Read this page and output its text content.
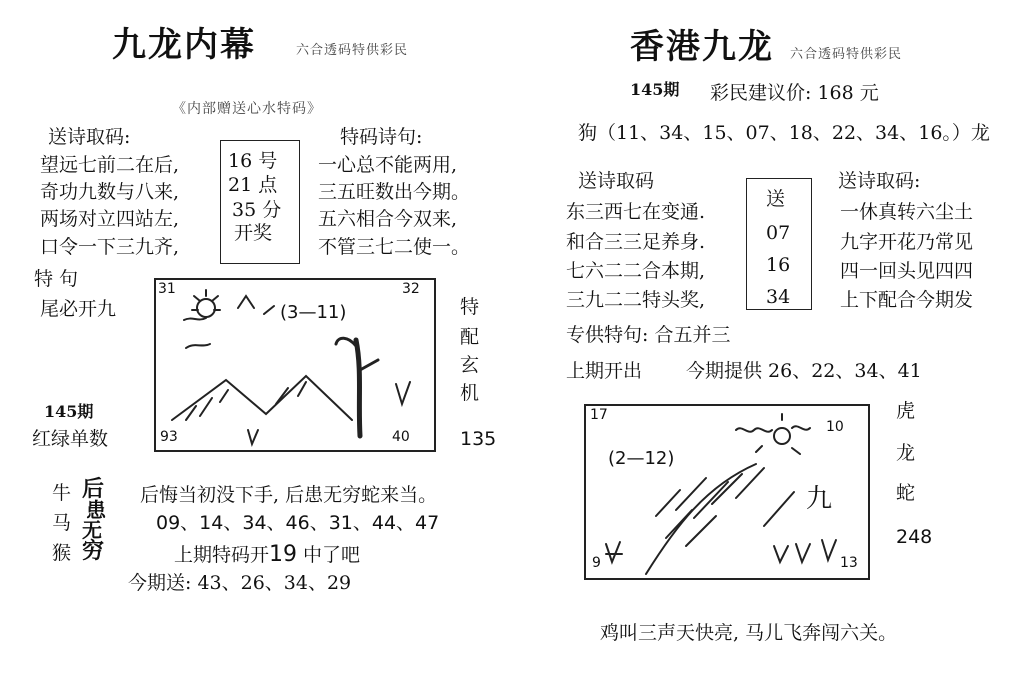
九龙内幕	六合透码特供彩民
《内部赠送心水特码》
送诗取码:
望远七前二在后,
奇功九数与八来,
两场对立四站左,
口令一下三九齐,
16 号
21 点
35 分
开奖
特码诗句:
一心总不能两用,
三五旺数出今期。
五六相合今双来,
不管三七二使一。
特 句
尾必开九
31	32
93	40
(3—11)	特
配
玄
机
145期
红绿单数	135
牛
马
猴
后
患
无
穷
后悔当初没下手, 后患无穷蛇来当。
09、14、34、46、31、44、47
上期特码开19 中了吧
今期送: 43、26、34、29
香港九龙 六合透码特供彩民
145期 彩民建议价: 168 元
狗（11、34、15、07、18、22、34、16。）龙
送诗取码
东三西七在变通.
和合三三足养身.
七六二二合本期,
三九二二特头奖,
送
07
16
34
送诗取码:
一休真转六尘土
九字开花乃常见
四一回头见四四
上下配合今期发
专供特句: 合五并三
上期开出 今期提供 26、22、34、41
17
10
(2—12)
九
9	13
虎
龙
蛇
248
鸡叫三声天快亮, 马儿飞奔闯六关。
